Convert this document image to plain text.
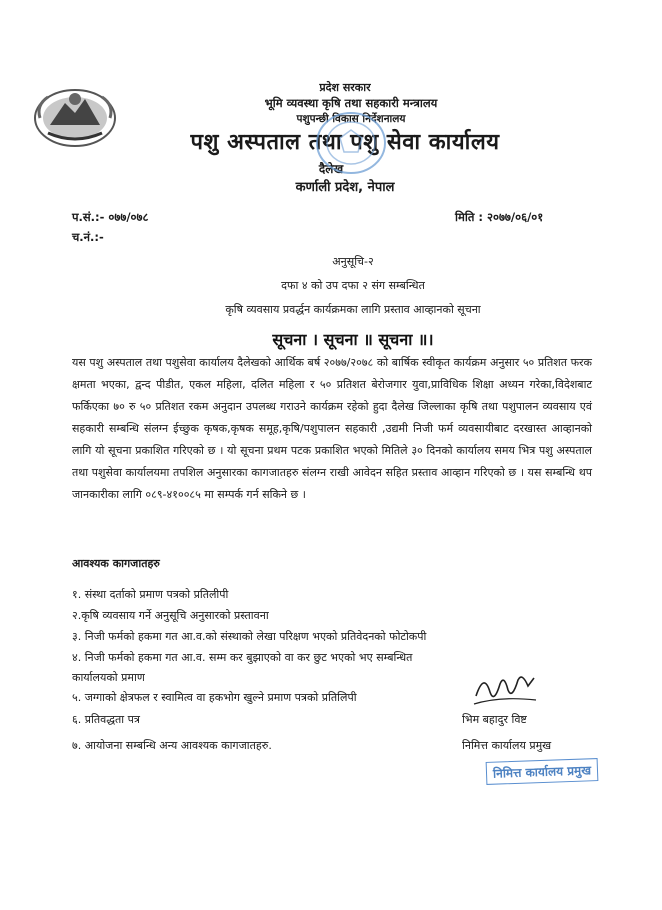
प्रदेश सरकार
भूमि व्यवस्था कृषि तथा सहकारी मन्त्रालय
पशुपन्छी विकास निर्देशनालय
पशु अस्पताल तथा पशु सेवा कार्यालय
दैलेख
कर्णाली प्रदेश, नेपाल
प.सं.:- ०७७/०७८
च.नं.:-
मिति : २०७७/०६/०१
अनुसूचि-२
दफा ४ को उप दफा २ संग सम्बन्धित
कृषि व्यवसाय प्रवर्द्धन कार्यक्रमका लागि प्रस्ताव आव्हानको सूचना
सूचना । सूचना ॥ सूचना ॥।
यस पशु अस्पताल तथा पशुसेवा कार्यालय दैलेखको आर्थिक बर्ष २०७७/२०७८ को बार्षिक स्वीकृत कार्यक्रम अनुसार ५० प्रतिशत फरक क्षमता भएका, द्वन्द पीडीत, एकल महिला, दलित महिला र ५० प्रतिशत बेरोजगार युवा,प्राविधिक शिक्षा अध्यन गरेका,विदेशबाट फर्किएका ७० रु ५० प्रतिशत रकम अनुदान उपलब्ध गराउने कार्यक्रम रहेको हुदा दैलेख जिल्लाका कृषि तथा पशुपालन व्यवसाय एवं सहकारी सम्बन्धि संलग्न ईच्छुक कृषक,कृषक समूह,कृषि/पशुपालन सहकारी ,उद्यमी निजी फर्म व्यवसायीबाट दरखास्त आव्हानको लागि यो सूचना प्रकाशित गरिएको छ । यो सूचना प्रथम पटक प्रकाशित भएको मितिले ३० दिनको कार्यालय समय भित्र पशु अस्पताल तथा पशुसेवा कार्यालयमा तपशिल अनुसारका कागजातहरु संलग्न राखी आवेदन सहित प्रस्ताव आव्हान गरिएको छ । यस सम्बन्धि थप जानकारीका लागि ०८९-४१००८५ मा सम्पर्क गर्न सकिने छ ।
आवश्यक कागजातहरु
१. संस्था दर्ताको प्रमाण पत्रको प्रतिलीपी
२.कृषि व्यवसाय गर्ने अनुसूचि अनुसारको प्रस्तावना
३. निजी फर्मको हकमा गत आ.व.को संस्थाको लेखा परिक्षण भएको प्रतिवेदनको फोटोकपी
४. निजी फर्मको हकमा गत आ.व. सम्म कर बुझाएको वा कर छुट भएको भए सम्बन्धित
कार्यालयको प्रमाण
५. जग्गाको क्षेत्रफल र स्वामित्व वा हकभोग खुल्ने प्रमाण पत्रको प्रतिलिपी
६. प्रतिवद्धता पत्र
७. आयोजना सम्बन्धि अन्य आवश्यक कागजातहरु.
भिम बहादुर विष्ट
निमित्त कार्यालय प्रमुख
निमित्त कार्यालय प्रमुख
